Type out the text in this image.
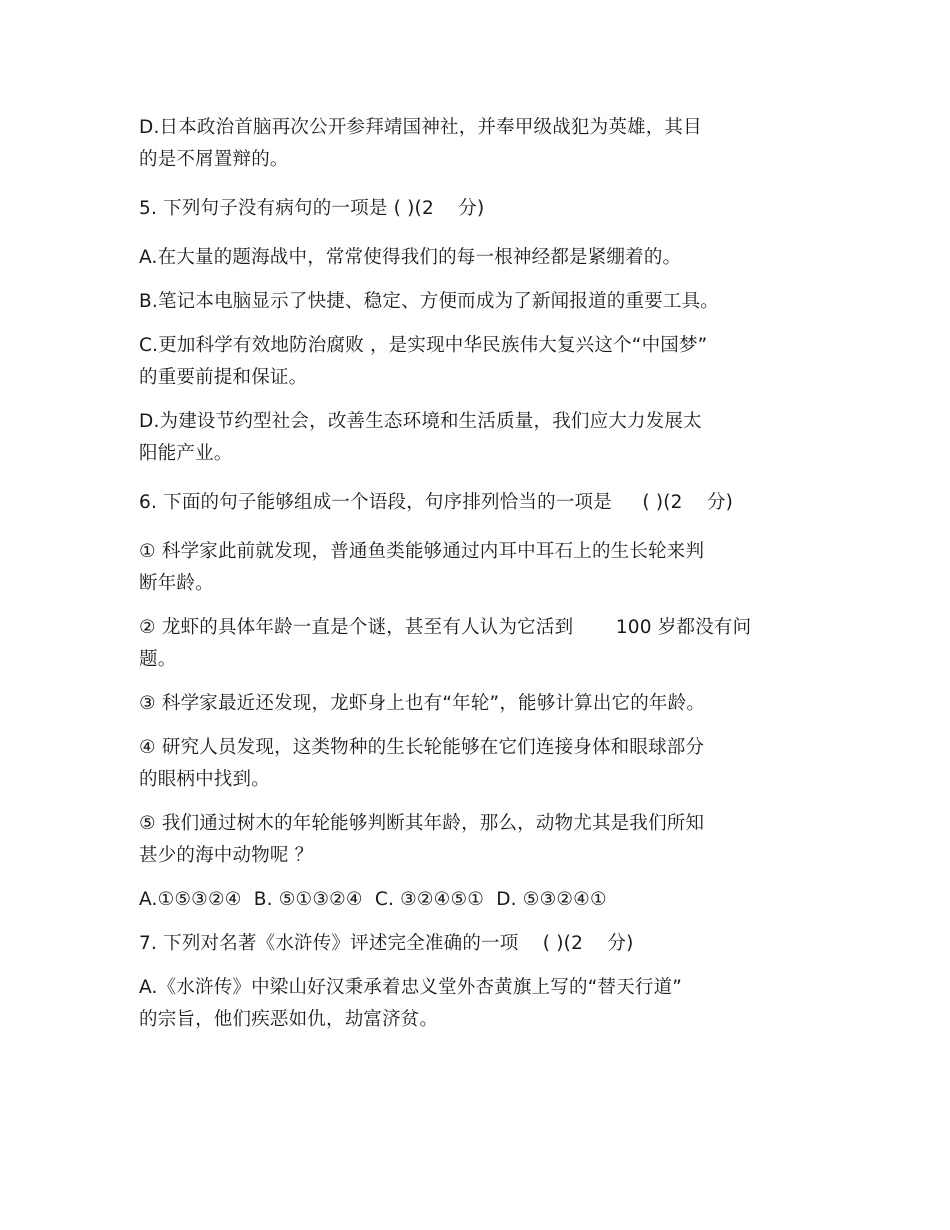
D.日本政治首脑再次公开参拜靖国神社，并奉甲级战犯为英雄，其目
的是不屑置辩的。
5. 下列句子没有病句的一项是 ( )(2    分)
A.在大量的题海战中，常常使得我们的每一根神经都是紧绷着的。
B.笔记本电脑显示了快捷、稳定、方便而成为了新闻报道的重要工具。
C.更加科学有效地防治腐败 ，是实现中华民族伟大复兴这个“中国梦”
的重要前提和保证。
D.为建设节约型社会，改善生态环境和生活质量，我们应大力发展太
阳能产业。
6. 下面的句子能够组成一个语段，句序排列恰当的一项是     ( )(2    分)
① 科学家此前就发现，普通鱼类能够通过内耳中耳石上的生长轮来判
断年龄。
② 龙虾的具体年龄一直是个谜，甚至有人认为它活到       100 岁都没有问
题。
③ 科学家最近还发现，龙虾身上也有“年轮”，能够计算出它的年龄。
④ 研究人员发现，这类物种的生长轮能够在它们连接身体和眼球部分
的眼柄中找到。
⑤ 我们通过树木的年轮能够判断其年龄，那么，动物尤其是我们所知
甚少的海中动物呢 ？
A.①⑤③②④  B. ⑤①③②④  C. ③②④⑤①  D. ⑤③②④①
7. 下列对名著《水浒传》评述完全准确的一项    ( )(2    分)
A.《水浒传》中梁山好汉秉承着忠义堂外杏黄旗上写的“替天行道”
的宗旨，他们疾恶如仇，劫富济贫。
